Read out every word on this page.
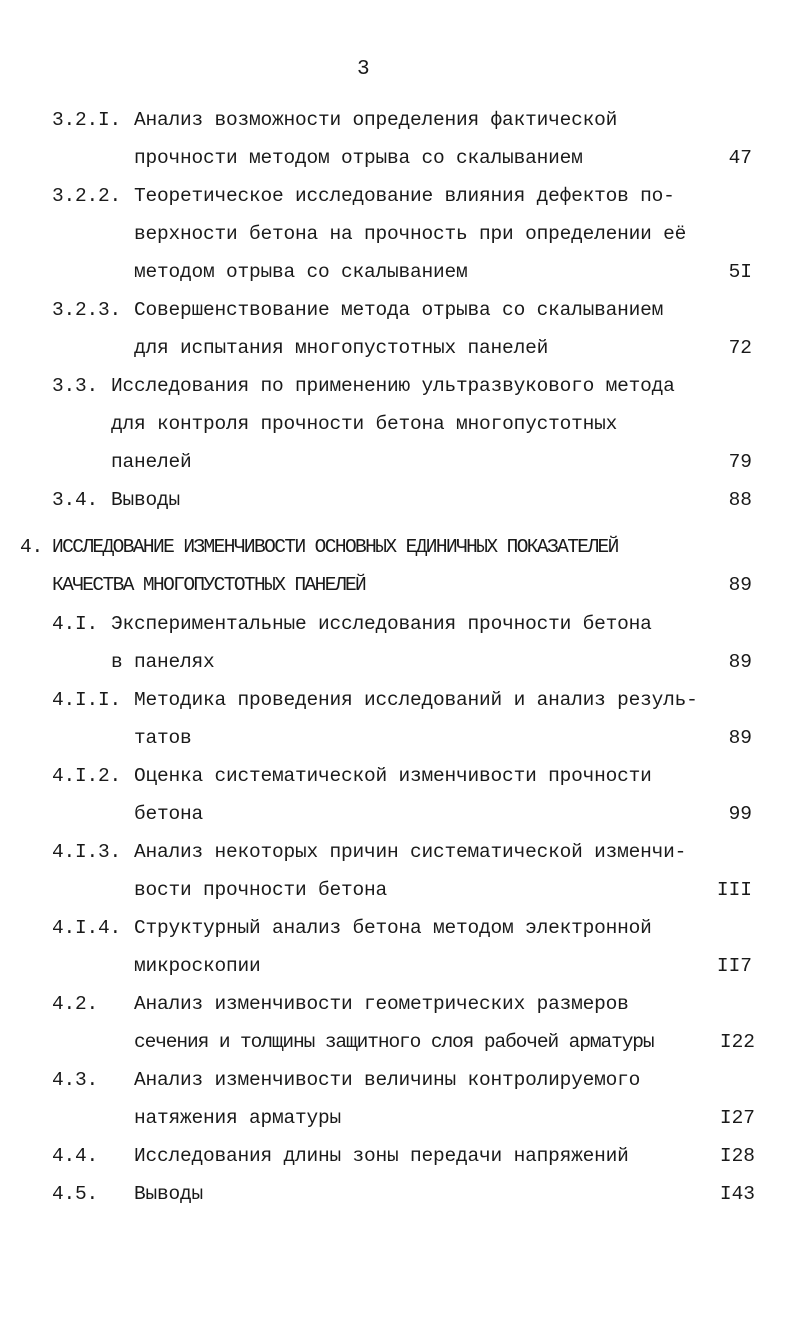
3
3.2.I. Анализ возможности определения фактической
прочности методом отрыва со скалыванием	47
3.2.2. Теоретическое исследование влияния дефектов по-
верхности бетона на прочность при определении её
методом отрыва со скалыванием	5I
3.2.3. Совершенствование метода отрыва со скалыванием
для испытания многопустотных панелей	72
3.3. Исследования по применению ультразвукового метода
для контроля прочности бетона многопустотных
панелей	79
3.4. Выводы	88
4. ИССЛЕДОВАНИЕ ИЗМЕНЧИВОСТИ ОСНОВНЫХ ЕДИНИЧНЫХ ПОКАЗАТЕЛЕЙ
КАЧЕСТВА МНОГОПУСТОТНЫХ ПАНЕЛЕЙ	89
4.I. Экспериментальные исследования прочности бетона
в панелях	89
4.I.I. Методика проведения исследований и анализ резуль-
татов	89
4.I.2. Оценка систематической изменчивости прочности
бетона	99
4.I.3. Анализ некоторых причин систематической изменчи-
вости прочности бетона	III
4.I.4. Структурный анализ бетона методом электронной
микроскопии	II7
4.2. Анализ изменчивости геометрических размеров
сечения и толщины защитного слоя рабочей арматуры	I22
4.3. Анализ изменчивости величины контролируемого
натяжения арматуры	I27
4.4. Исследования длины зоны передачи напряжений	I28
4.5. Выводы	I43
